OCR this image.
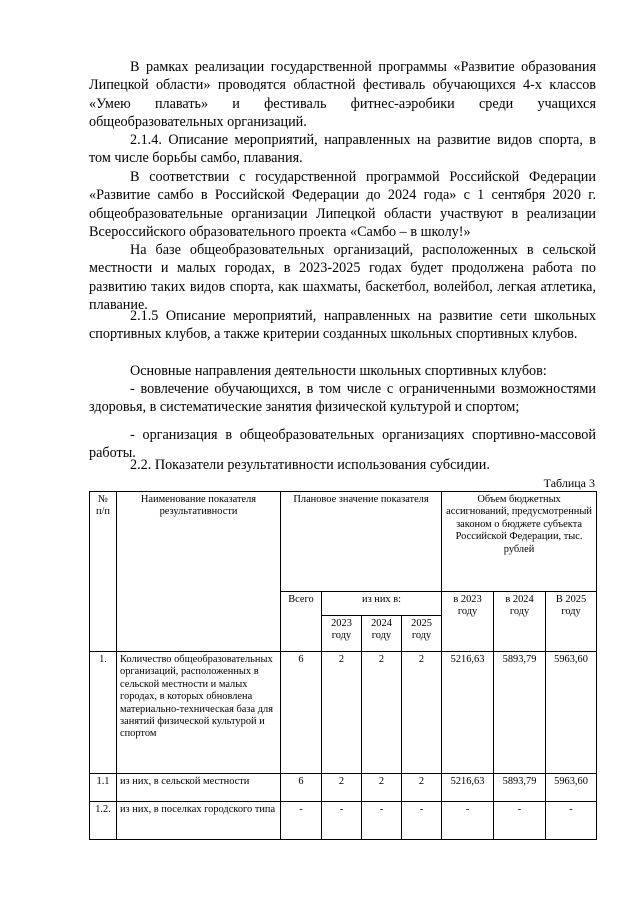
В рамках реализации государственной программы «Развитие образования Липецкой области» проводятся областной фестиваль обучающихся 4-х классов «Умею плавать» и фестиваль фитнес-аэробики среди учащихся общеобразовательных организаций.

2.1.4. Описание мероприятий, направленных на развитие видов спорта, в том числе борьбы самбо, плавания.

В соответствии с государственной программой Российской Федерации «Развитие самбо в Российской Федерации до 2024 года» с 1 сентября 2020 г. общеобразовательные организации Липецкой области участвуют в реализации Всероссийского образовательного проекта «Самбо – в школу!»

На базе общеобразовательных организаций, расположенных в сельской местности и малых городах, в 2023-2025 годах будет продолжена работа по развитию таких видов спорта, как шахматы, баскетбол, волейбол, легкая атлетика, плавание.

2.1.5 Описание мероприятий, направленных на развитие сети школьных спортивных клубов, а также критерии созданных школьных спортивных клубов.

Основные направления деятельности школьных спортивных клубов:

- вовлечение обучающихся, в том числе с ограниченными возможностями здоровья, в систематические занятия физической культурой и спортом;

- организация в общеобразовательных организациях спортивно-массовой работы.

2.2. Показатели результативности использования субсидии.

Таблица 3
№ п/п	Наименование показателя результативности	Плановое значение показателя				Объем бюджетных ассигнований, предусмотренный законом о бюджете субъекта Российской Федерации, тыс. рублей		
		Всего	из них в:			в 2023 году	в 2024 году	В 2025 году
			2023 году	2024 году	2025 году			
1.	Количество общеобразовательных организаций, расположенных в сельской местности и малых городах, в которых обновлена материально-техническая база для занятий физической культурой и спортом	6	2	2	2	5216,63	5893,79	5963,60
1.1	из них, в сельской местности	6	2	2	2	5216,63	5893,79	5963,60
1.2.	из них, в поселках городского типа	-	-	-	-	-	-	-
